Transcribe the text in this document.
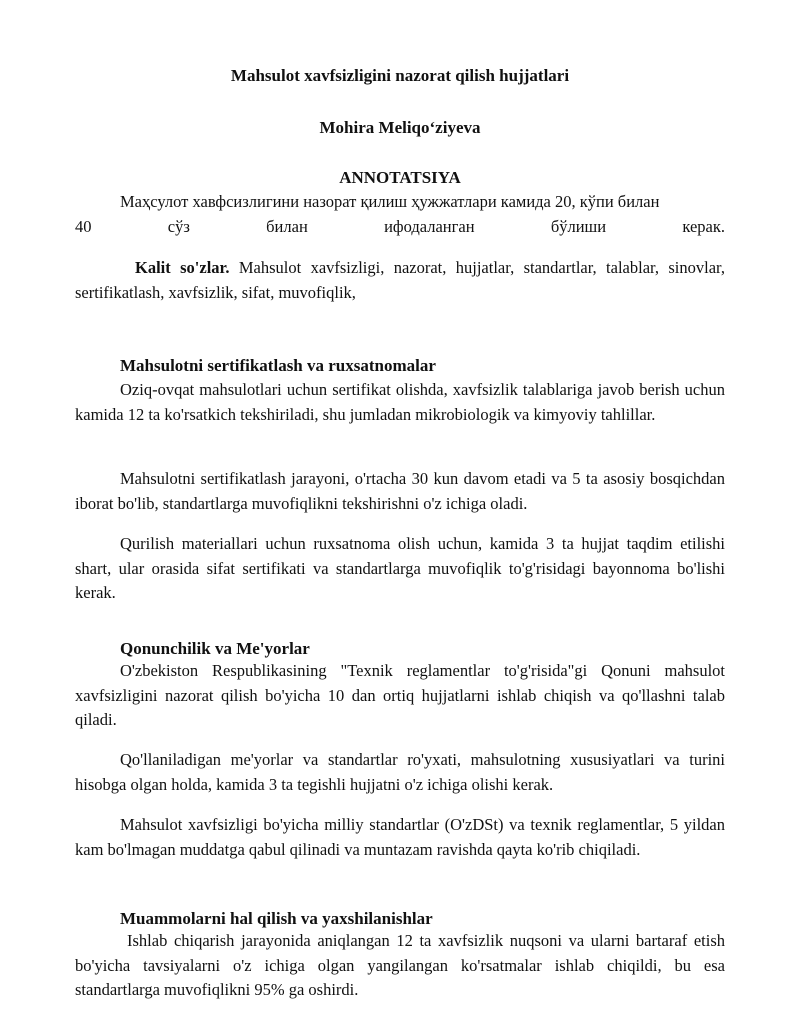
Mahsulot xavfsizligini nazorat qilish hujjatlari
Mohira Meliqo‘ziyeva
ANNOTATSIYA

Маҳсулот хавфсизлигини назорат қилиш ҳужжатлари камида 20, кўпи билан

40	сўз	билан	ифодаланган	бўлиши	керак.

Kalit so'zlar. Mahsulot xavfsizligi, nazorat, hujjatlar, standartlar, talablar, sinovlar, sertifikatlash, xavfsizlik, sifat, muvofiqlik,

Mahsulotni sertifikatlash va ruxsatnomalar

Oziq-ovqat mahsulotlari uchun sertifikat olishda, xavfsizlik talablariga javob berish uchun kamida 12 ta ko'rsatkich tekshiriladi, shu jumladan mikrobiologik va kimyoviy tahlillar.

Mahsulotni sertifikatlash jarayoni, o'rtacha 30 kun davom etadi va 5 ta asosiy bosqichdan iborat bo'lib, standartlarga muvofiqlikni tekshirishni o'z ichiga oladi.

Qurilish materiallari uchun ruxsatnoma olish uchun, kamida 3 ta hujjat taqdim etilishi shart, ular orasida sifat sertifikati va standartlarga muvofiqlik to'g'risidagi bayonnoma bo'lishi kerak.

Qonunchilik va Me'yorlar

O'zbekiston Respublikasining "Texnik reglamentlar to'g'risida"gi Qonuni mahsulot xavfsizligini nazorat qilish bo'yicha 10 dan ortiq hujjatlarni ishlab chiqish va qo'llashni talab qiladi.

Qo'llaniladigan me'yorlar va standartlar ro'yxati, mahsulotning xususiyatlari va turini hisobga olgan holda, kamida 3 ta tegishli hujjatni o'z ichiga olishi kerak.

Mahsulot xavfsizligi bo'yicha milliy standartlar (O'zDSt) va texnik reglamentlar, 5 yildan kam bo'lmagan muddatga qabul qilinadi va muntazam ravishda qayta ko'rib chiqiladi.

Muammolarni hal qilish va yaxshilanishlar

Ishlab chiqarish jarayonida aniqlangan 12 ta xavfsizlik nuqsoni va ularni bartaraf etish bo'yicha tavsiyalarni o'z ichiga olgan yangilangan ko'rsatmalar ishlab chiqildi, bu esa standartlarga muvofiqlikni 95% ga oshirdi.
